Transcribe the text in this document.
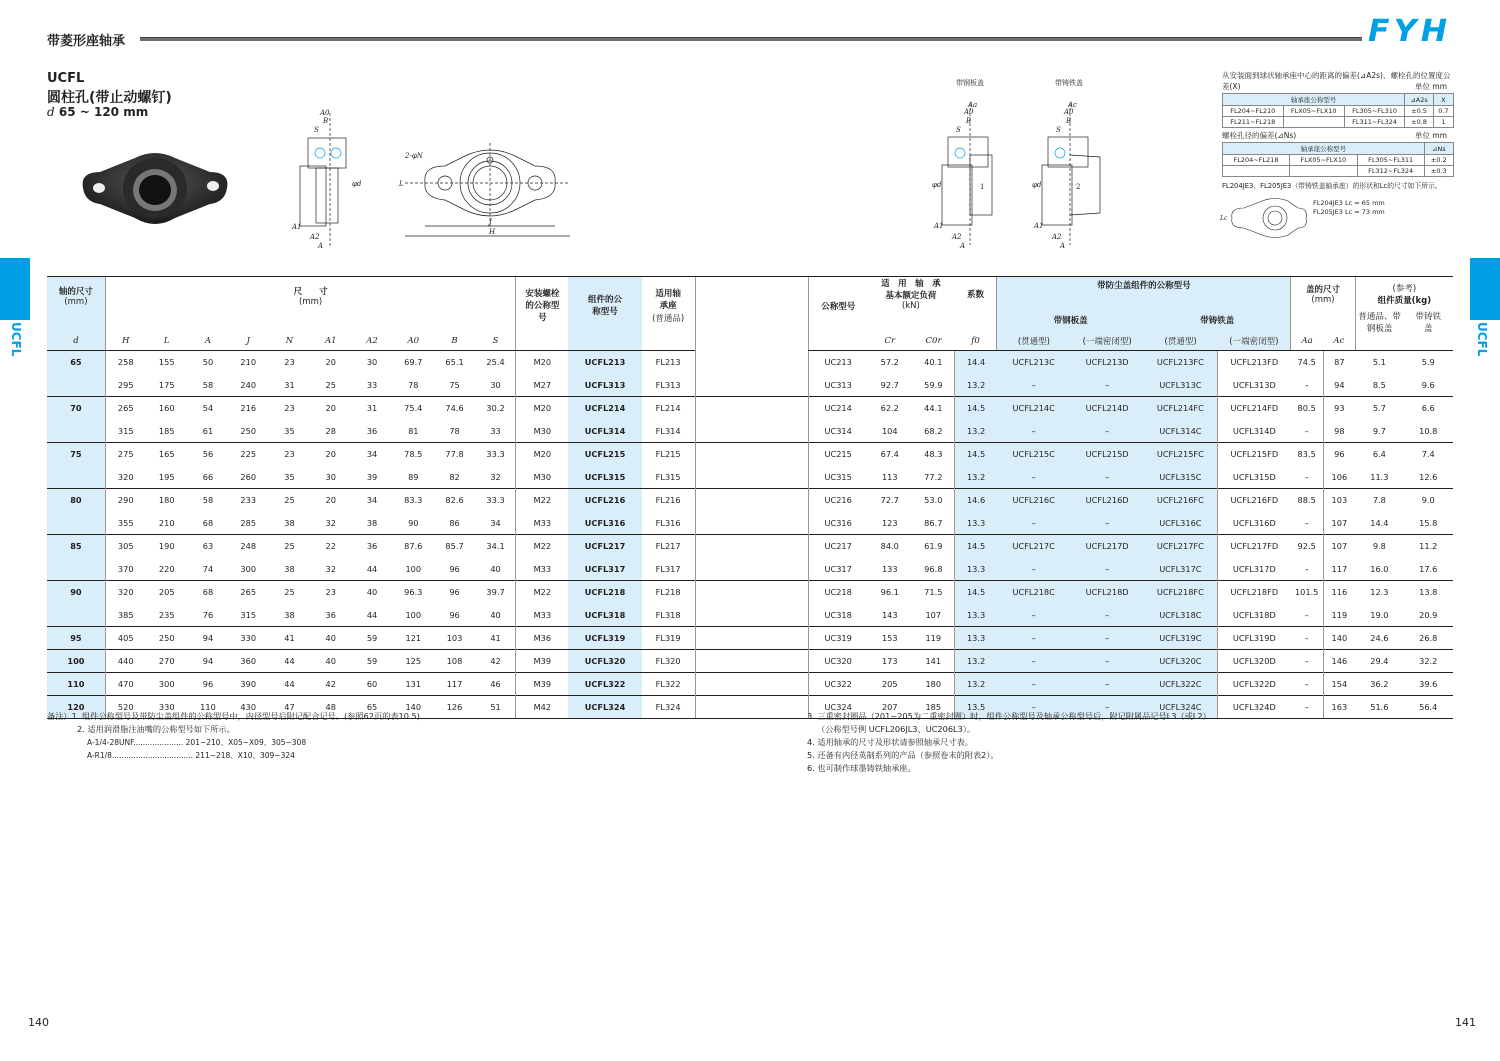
带菱形座轴承	FYH
UCFL
圆柱孔(带止动螺钉)
d 65 ~ 120 mm	A0
B
S
φd
A1
A2
A
2-φN
L
J
H
带钢板盖	带铸铁盖
Aa
A0
B
S
1
φd
A1
A2
A
Ac
A0
B
S
2
φd
A1
A2
A
从安装面到球状轴承座中心的距离的偏差(⊿A2s)、螺栓孔的位置度公差(X)	单位 mm
轴承座公称型号			⊿A2s	X
FL204~FL210	FLX05~FLX10	FL305~FL310	±0.5	0.7
FL211~FL218		FL311~FL324	±0.8	1
螺栓孔径的偏差(⊿Ns)	单位 mm
轴承座公称型号			⊿Ns
FL204~FL218	FLX05~FLX10	FL305~FL311	±0.2
		FL312~FL324	±0.3
FL204JE3、FL205JE3（带铸铁盖轴承座）的形状和Lc的尺寸如下所示。
Lc
FL204JE3 Lc = 65 mm
FL205JE3 Lc = 73 mm
UCFL	UCFL
轴的尺寸
(mm)	尺　　寸
(mm)										安装螺栓的公称型号	组件的公称型号	适用轴承座
(普通品)		公称型号	适　用　轴　承
基本额定负荷
(kN)		系数	带防尘盖组件的公称型号				盖的尺寸
(mm)		(参考)
组件质量(kg)	
																			带钢板盖		带铸铁盖				普通品、带钢板盖	带铸铁盖
d	H	L	A	J	N	A1	A2	A0	B	S						Cr	C0r	f0	(贯通型)	(一端密闭型)	(贯通型)	(一端密闭型)	Aa	Ac		
65	258	155	50	210	23	20	30	69.7	65.1	25.4	M20	UCFL213	FL213		UC213	57.2	40.1	14.4	UCFL213C	UCFL213D	UCFL213FC	UCFL213FD	74.5	87	5.1	5.9
	295	175	58	240	31	25	33	78	75	30	M27	UCFL313	FL313		UC313	92.7	59.9	13.2	–	–	UCFL313C	UCFL313D	–	94	8.5	9.6
70	265	160	54	216	23	20	31	75.4	74.6	30.2	M20	UCFL214	FL214		UC214	62.2	44.1	14.5	UCFL214C	UCFL214D	UCFL214FC	UCFL214FD	80.5	93	5.7	6.6
	315	185	61	250	35	28	36	81	78	33	M30	UCFL314	FL314		UC314	104	68.2	13.2	–	–	UCFL314C	UCFL314D	–	98	9.7	10.8
75	275	165	56	225	23	20	34	78.5	77.8	33.3	M20	UCFL215	FL215		UC215	67.4	48.3	14.5	UCFL215C	UCFL215D	UCFL215FC	UCFL215FD	83.5	96	6.4	7.4
	320	195	66	260	35	30	39	89	82	32	M30	UCFL315	FL315		UC315	113	77.2	13.2	–	–	UCFL315C	UCFL315D	–	106	11.3	12.6
80	290	180	58	233	25	20	34	83.3	82.6	33.3	M22	UCFL216	FL216		UC216	72.7	53.0	14.6	UCFL216C	UCFL216D	UCFL216FC	UCFL216FD	88.5	103	7.8	9.0
	355	210	68	285	38	32	38	90	86	34	M33	UCFL316	FL316		UC316	123	86.7	13.3	–	–	UCFL316C	UCFL316D	–	107	14.4	15.8
85	305	190	63	248	25	22	36	87.6	85.7	34.1	M22	UCFL217	FL217		UC217	84.0	61.9	14.5	UCFL217C	UCFL217D	UCFL217FC	UCFL217FD	92.5	107	9.8	11.2
	370	220	74	300	38	32	44	100	96	40	M33	UCFL317	FL317		UC317	133	96.8	13.3	–	–	UCFL317C	UCFL317D	–	117	16.0	17.6
90	320	205	68	265	25	23	40	96.3	96	39.7	M22	UCFL218	FL218		UC218	96.1	71.5	14.5	UCFL218C	UCFL218D	UCFL218FC	UCFL218FD	101.5	116	12.3	13.8
	385	235	76	315	38	36	44	100	96	40	M33	UCFL318	FL318		UC318	143	107	13.3	–	–	UCFL318C	UCFL318D	–	119	19.0	20.9
95	405	250	94	330	41	40	59	121	103	41	M36	UCFL319	FL319		UC319	153	119	13.3	–	–	UCFL319C	UCFL319D	–	140	24.6	26.8
100	440	270	94	360	44	40	59	125	108	42	M39	UCFL320	FL320		UC320	173	141	13.2	–	–	UCFL320C	UCFL320D	–	146	29.4	32.2
110	470	300	96	390	44	42	60	131	117	46	M39	UCFL322	FL322		UC322	205	180	13.2	–	–	UCFL322C	UCFL322D	–	154	36.2	39.6
120	520	330	110	430	47	48	65	140	126	51	M42	UCFL324	FL324		UC324	207	185	13.5	–	–	UCFL324C	UCFL324D	–	163	51.6	56.4
备注）1. 组件公称型号及带防尘盖组件的公称型号中，内径型号后附记配合记号。(参照62页的表10.5)
2. 适用润滑脂注油嘴的公称型号如下所示。
A-1/4-28UNF..................... 201~210、X05~X09、305~308
A-R1/8.................................. 211~218、X10、309~324
3. 三重密封圈品（201~205为二重密封圈）时，组件公称型号及轴承公称型号后，附记附属品记号L3（或L2）
（公称型号例 UCFL206JL3、UC206L3）。
4. 适用轴承的尺寸及形状请参照轴承尺寸表。
5. 还备有内径英制系列的产品（参照卷末的附表2）。
6. 也可制作球墨铸铁轴承座。
140	141
